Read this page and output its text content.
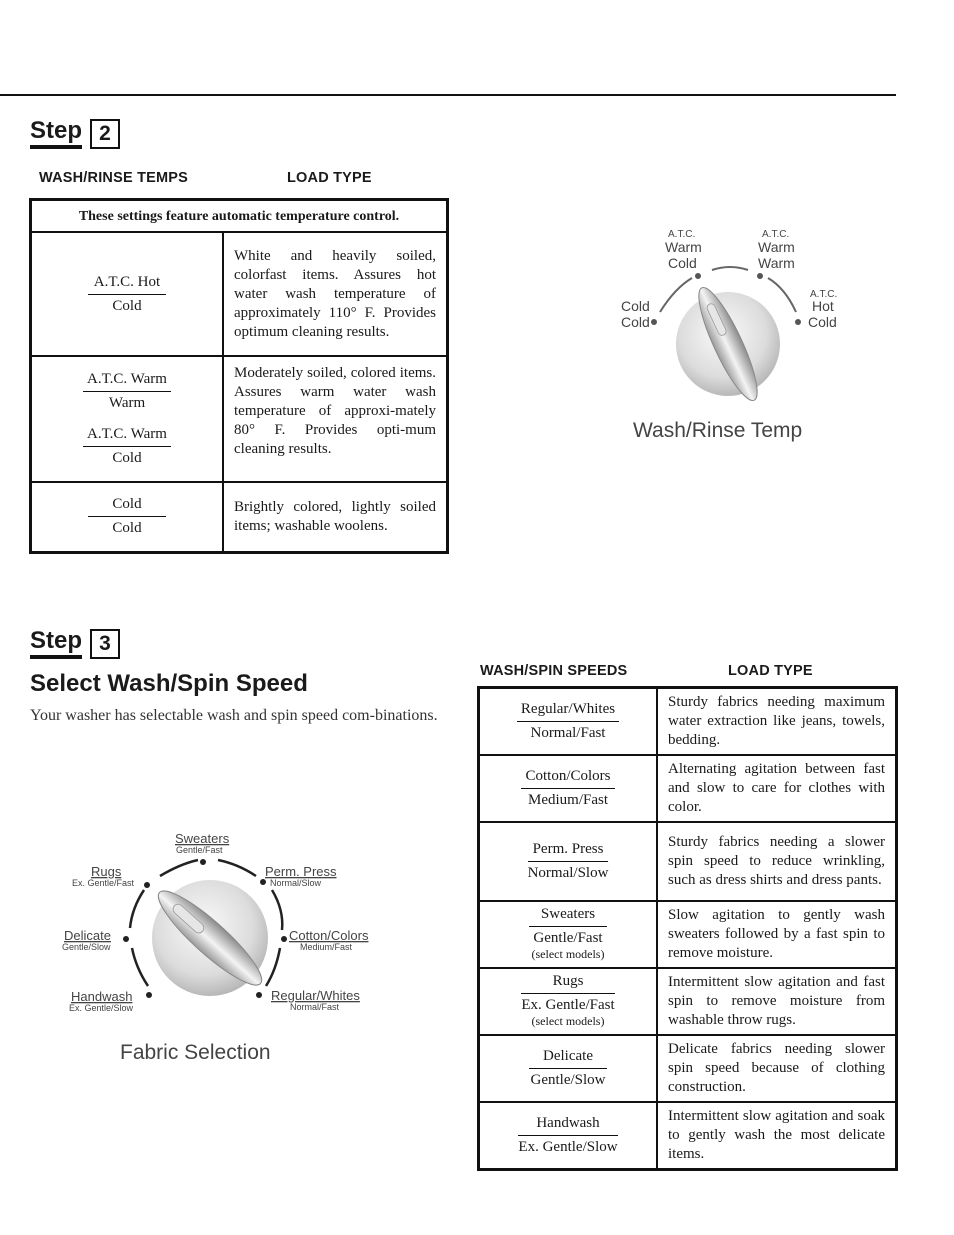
Step 2
WASH/RINSE TEMPS	LOAD TYPE
These settings feature automatic temperature control.	

$\frac{\text{A.T.C. Hot}}{\text{Cold}}$	White and heavily soiled, colorfast items. Assures hot water wash temperature of approximately 110° F. Provides optimum cleaning results.

$\frac{\text{A.T.C. Warm}}{\text{Warm}}$

$\frac{\text{A.T.C. Warm}}{\text{Cold}}$	Moderately soiled, colored items. Assures warm water wash temperature of approxi-mately 80° F. Provides opti-mum cleaning results.

$\frac{\text{Cold}}{\text{Cold}}$	Brightly colored, lightly soiled items; washable woolens.
Cold
Cold
A.T.C.
Warm
Cold
A.T.C.
Warm
Warm
A.T.C.
Hot
Cold
Wash/Rinse Temp
Step 3
Select Wash/Spin Speed
Your washer has selectable wash and spin speed com-binations.
WASH/SPIN SPEEDS	LOAD TYPE
$\frac{\text{Regular/Whites}}{\text{Normal/Fast}}$	Sturdy fabrics needing maximum water extraction like jeans, towels, bedding.

$\frac{\text{Cotton/Colors}}{\text{Medium/Fast}}$	Alternating agitation between fast and slow to care for clothes with color.

$\frac{\text{Perm. Press}}{\text{Normal/Slow}}$	Sturdy fabrics needing a slower spin speed to reduce wrinkling, such as dress shirts and dress pants.

Sweaters
Gentle/Fast
(select models)	Slow agitation to gently wash sweaters followed by a fast spin to remove moisture.

Rugs
Ex. Gentle/Fast
(select models)	Intermittent slow agitation and fast spin to remove moisture from washable throw rugs.

$\frac{\text{Delicate}}{\text{Gentle/Slow}}$	Delicate fabrics needing slower spin speed because of clothing construction.

$\frac{\text{Handwash}}{\text{Ex. Gentle/Slow}}$	Intermittent slow agitation and soak to gently wash the most delicate items.
Sweaters
Gentle/Fast
Perm. Press
Normal/Slow
Cotton/Colors
Medium/Fast
Regular/Whites
Normal/Fast
Handwash
Ex. Gentle/Slow
Delicate
Gentle/Slow
Rugs
Ex. Gentle/Fast
Fabric Selection
